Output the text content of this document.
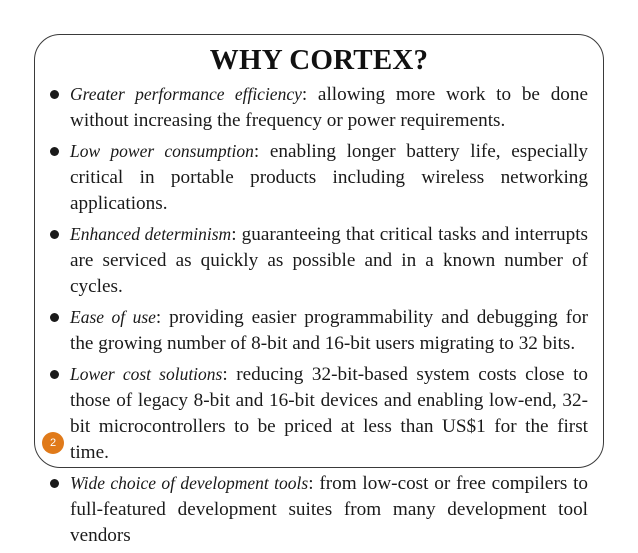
WHY CORTEX?
Greater performance efficiency: allowing more work to be done without increasing the frequency or power requirements.
Low power consumption: enabling longer battery life, especially critical in portable products including wireless networking applications.
Enhanced determinism: guaranteeing that critical tasks and interrupts are serviced as quickly as possible and in a known number of cycles.
Ease of use: providing easier programmability and debugging for the growing number of 8-bit and 16-bit users migrating to 32 bits.
Lower cost solutions: reducing 32-bit-based system costs close to those of legacy 8-bit and 16-bit devices and enabling low-end, 32-bit microcontrollers to be priced at less than US$1 for the first time.
Wide choice of development tools: from low-cost or free compilers to full-featured development suites from many development tool vendors
2
